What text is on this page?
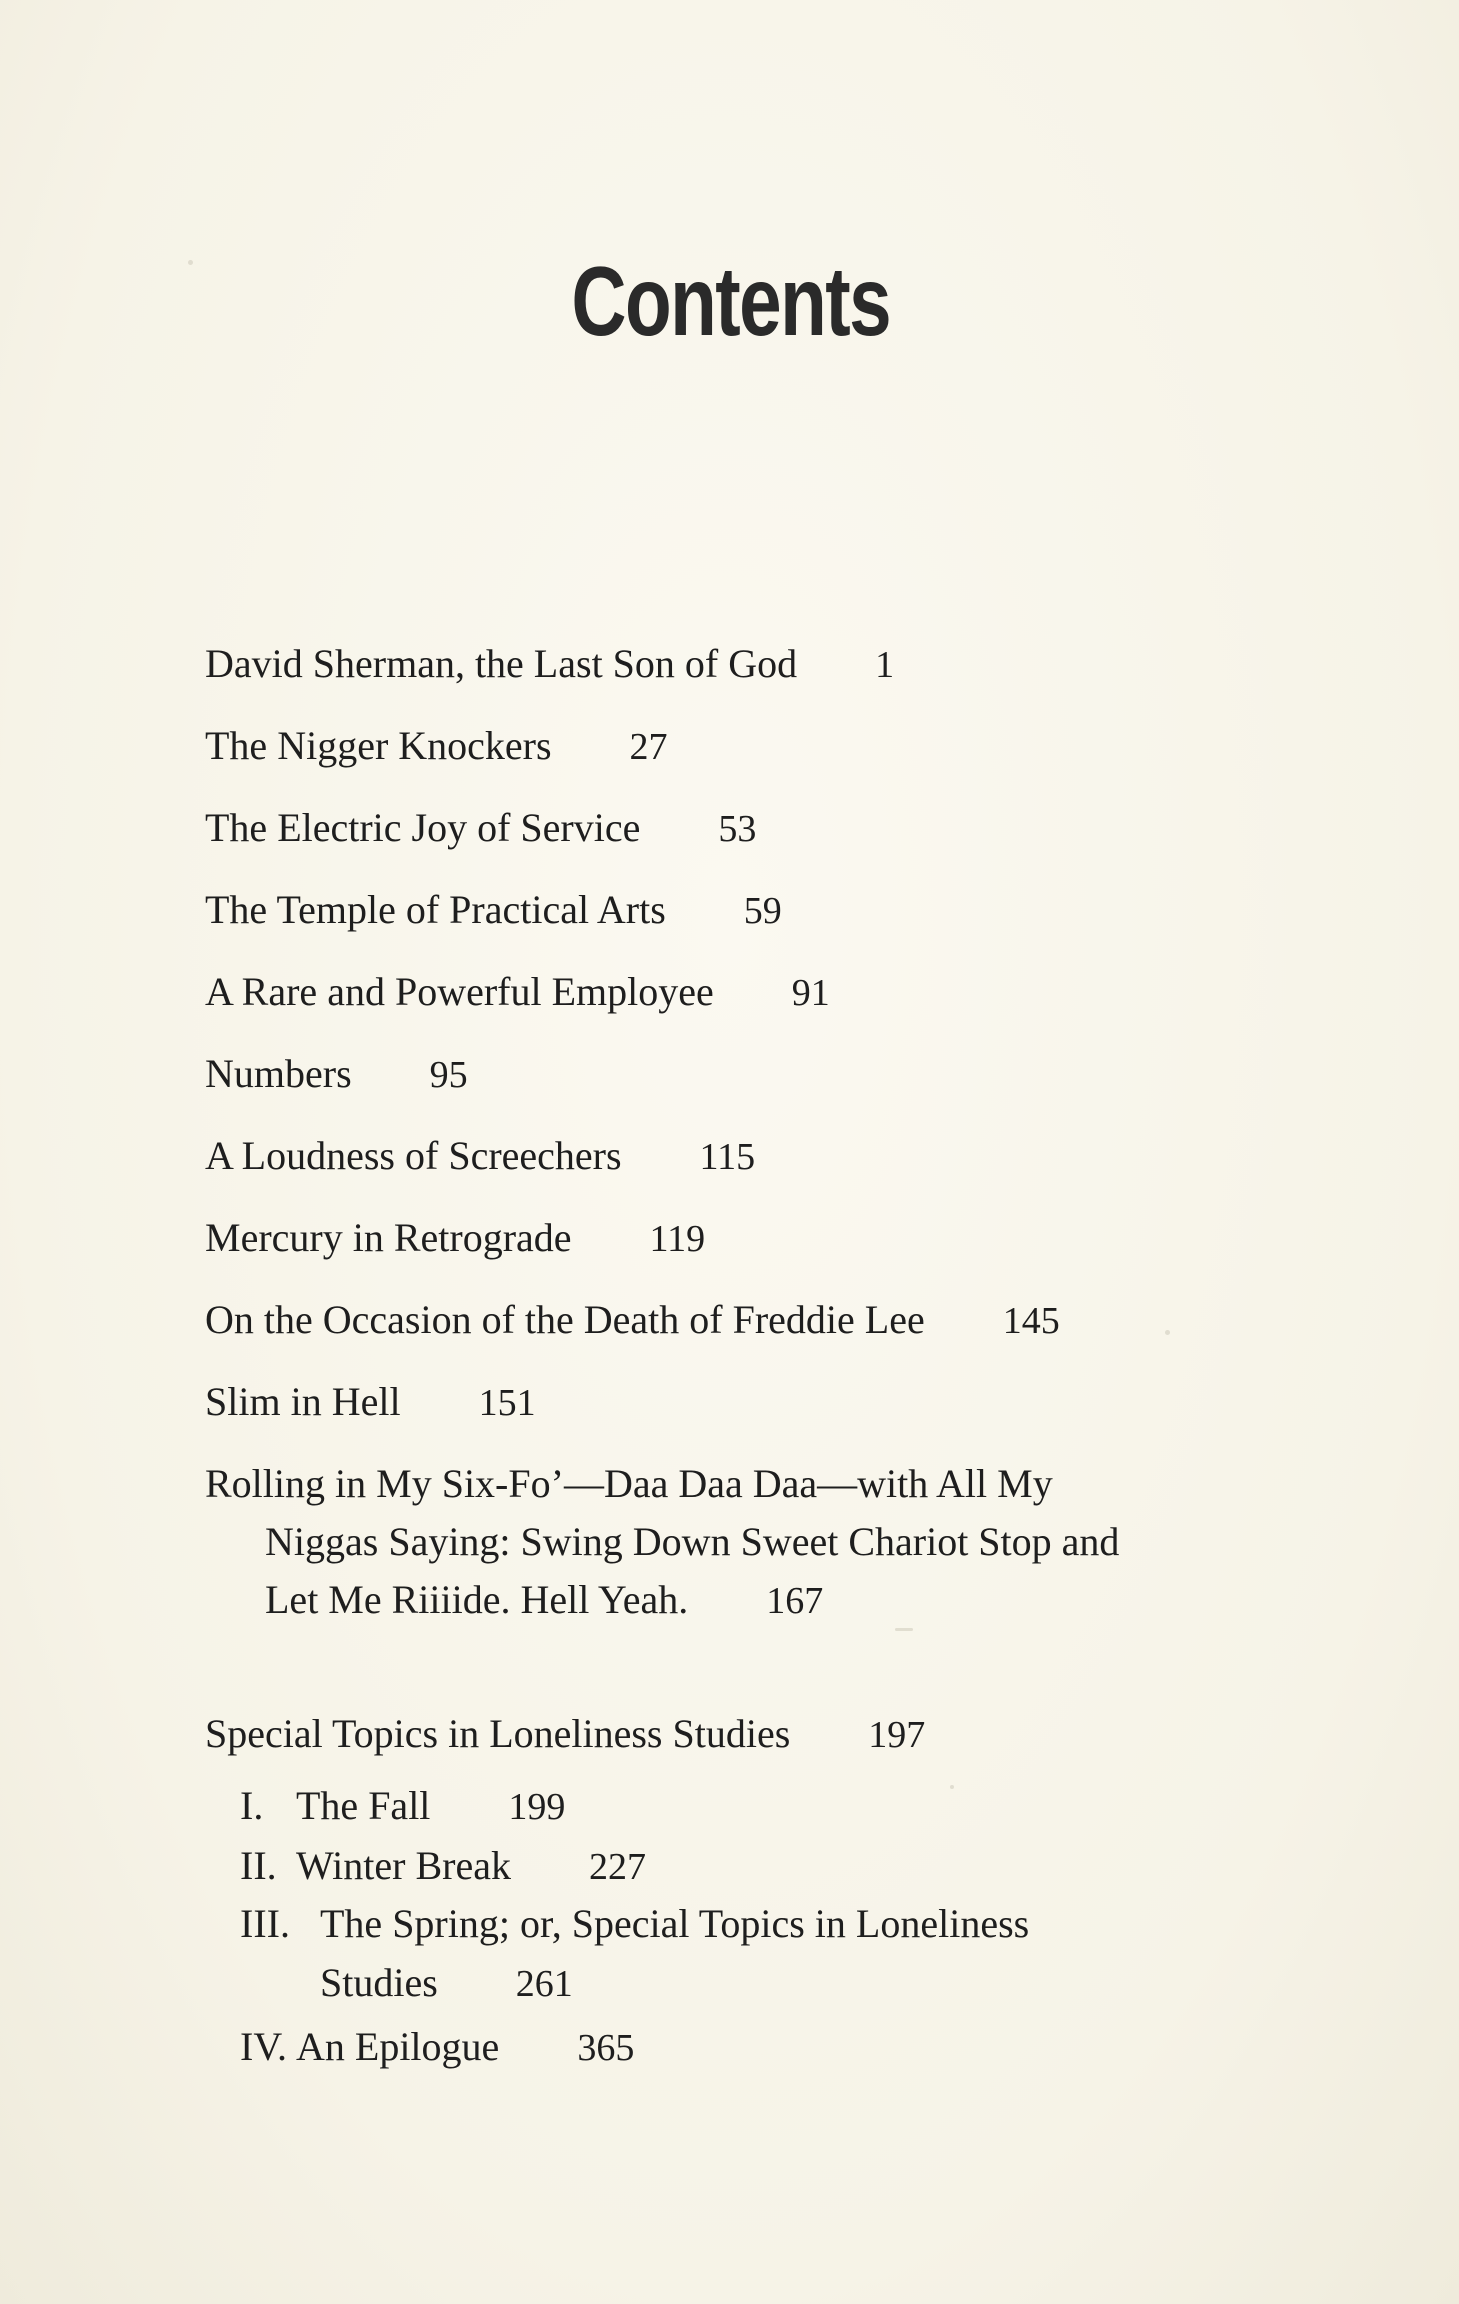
Contents
David Sherman, the Last Son of God 1
The Nigger Knockers 27
The Electric Joy of Service 53
The Temple of Practical Arts 59
A Rare and Powerful Employee 91
Numbers 95
A Loudness of Screechers 115
Mercury in Retrograde 119
On the Occasion of the Death of Freddie Lee 145
Slim in Hell 151
Rolling in My Six-Fo’—Daa Daa Daa—with All My
Niggas Saying: Swing Down Sweet Chariot Stop and
Let Me Riiiide. Hell Yeah. 167
Special Topics in Loneliness Studies 197
I. The Fall 199
II. Winter Break 227
III. The Spring; or, Special Topics in Loneliness
Studies 261
IV. An Epilogue 365
